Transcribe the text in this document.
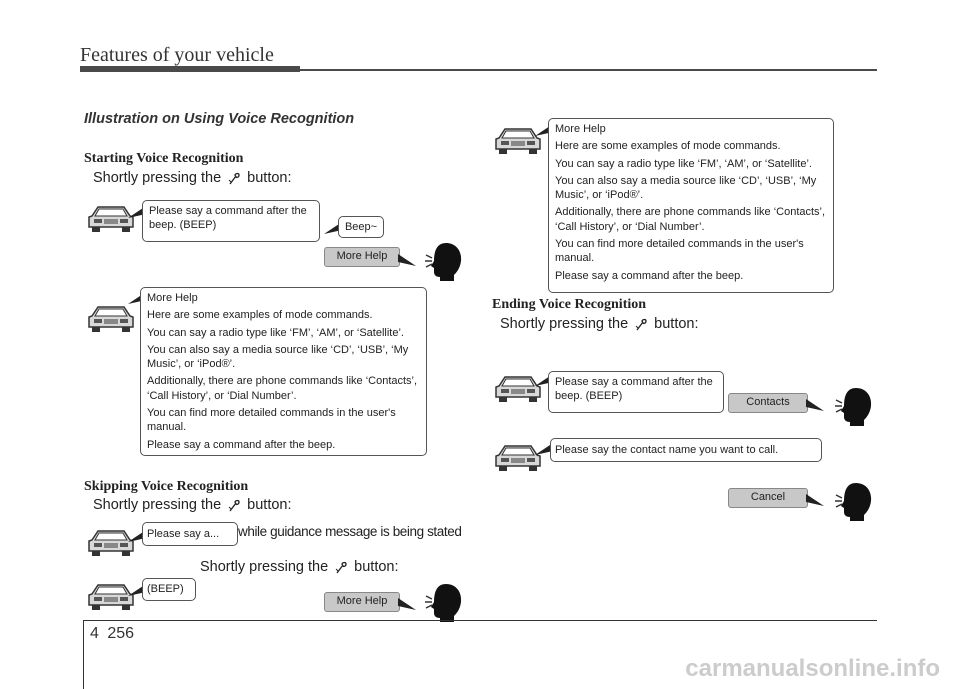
Features of your vehicle
Illustration on Using Voice Recognition
Starting Voice Recognition
Shortly pressing the button:
Please say a command after the beep. (BEEP)	Beep~
More Help

More Help

Here are some examples of mode commands.

You can say a radio type like ‘FM’, ‘AM’, or ‘Satellite’.

You can also say a media source like ‘CD’, ‘USB’, ‘My Music’, or ‘iPod®’.

Additionally, there are phone commands like ‘Contacts’, ‘Call History’, or ‘Dial Number’.

You can find more detailed commands in the user's manual.

Please say a command after the beep.

Skipping Voice Recognition
Shortly pressing the button:
Please say a...	while guidance message is being stated
Shortly pressing the button:
(BEEP)
More Help

More Help

Here are some examples of mode commands.

You can say a radio type like ‘FM’, ‘AM’, or ‘Satellite’.

You can also say a media source like ‘CD’, ‘USB’, ‘My Music’, or ‘iPod®’.

Additionally, there are phone commands like ‘Contacts’, ‘Call History’, or ‘Dial Number’.

You can find more detailed commands in the user's manual.

Please say a command after the beep.

Ending Voice Recognition
Shortly pressing the button:
Please say a command after the beep. (BEEP)	Contacts
Please say the contact name you want to call.
Cancel
4 256
carmanualsonline.info
